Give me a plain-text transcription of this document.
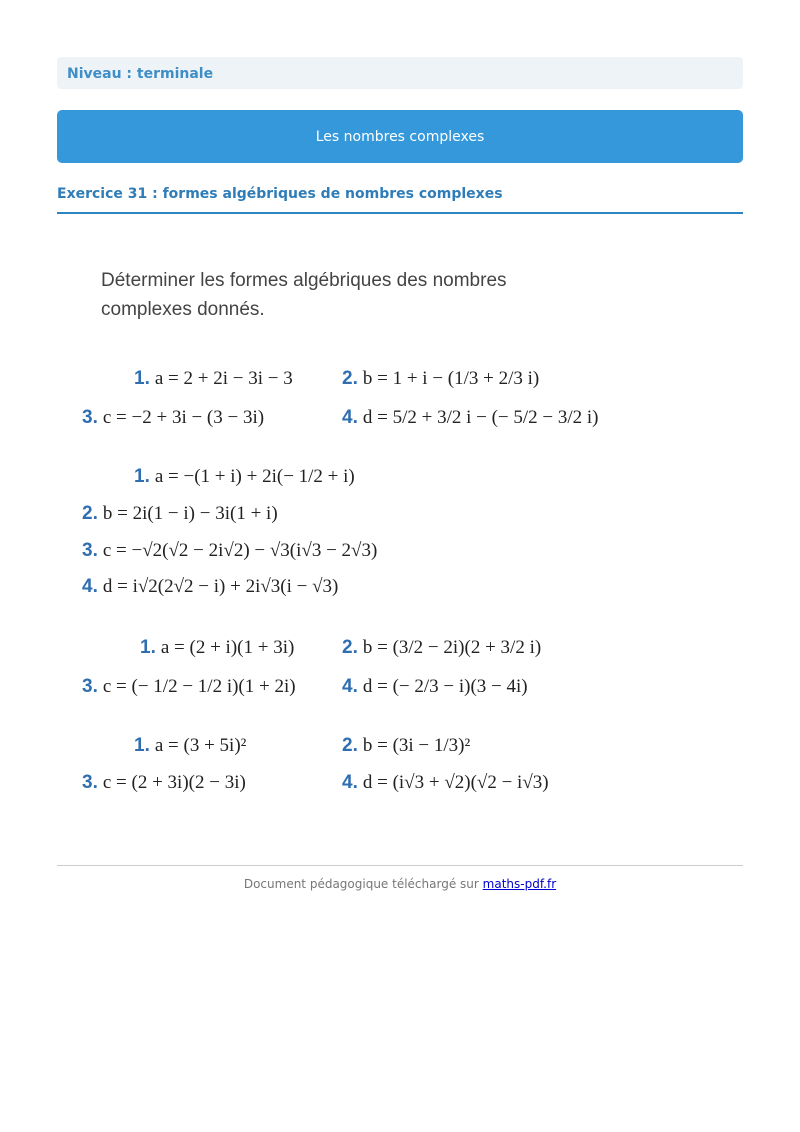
Niveau : terminale
Les nombres complexes
Exercice 31 : formes algébriques de nombres complexes
Déterminer les formes algébriques des nombres complexes donnés.
1. a = 2 + 2i − 3i − 3	2. b = 1 + i − (1/3 + 2/3 i)
3. c = −2 + 3i − (3 − 3i)	4. d = 5/2 + 3/2 i − (− 5/2 − 3/2 i)
1. a = −(1 + i) + 2i(− 1/2 + i)
2. b = 2i(1 − i) − 3i(1 + i)
3. c = −√2(√2 − 2i√2) − √3(i√3 − 2√3)
4. d = i√2(2√2 − i) + 2i√3(i − √3)
1. a = (2 + i)(1 + 3i)	2. b = (3/2 − 2i)(2 + 3/2 i)
3. c = (− 1/2 − 1/2 i)(1 + 2i) 4. d = (− 2/3 − i)(3 − 4i)
1. a = (3 + 5i)²	2. b = (3i − 1/3)²
3. c = (2 + 3i)(2 − 3i)	4. d = (i√3 + √2)(√2 − i√3)
Document pédagogique téléchargé sur maths-pdf.fr
